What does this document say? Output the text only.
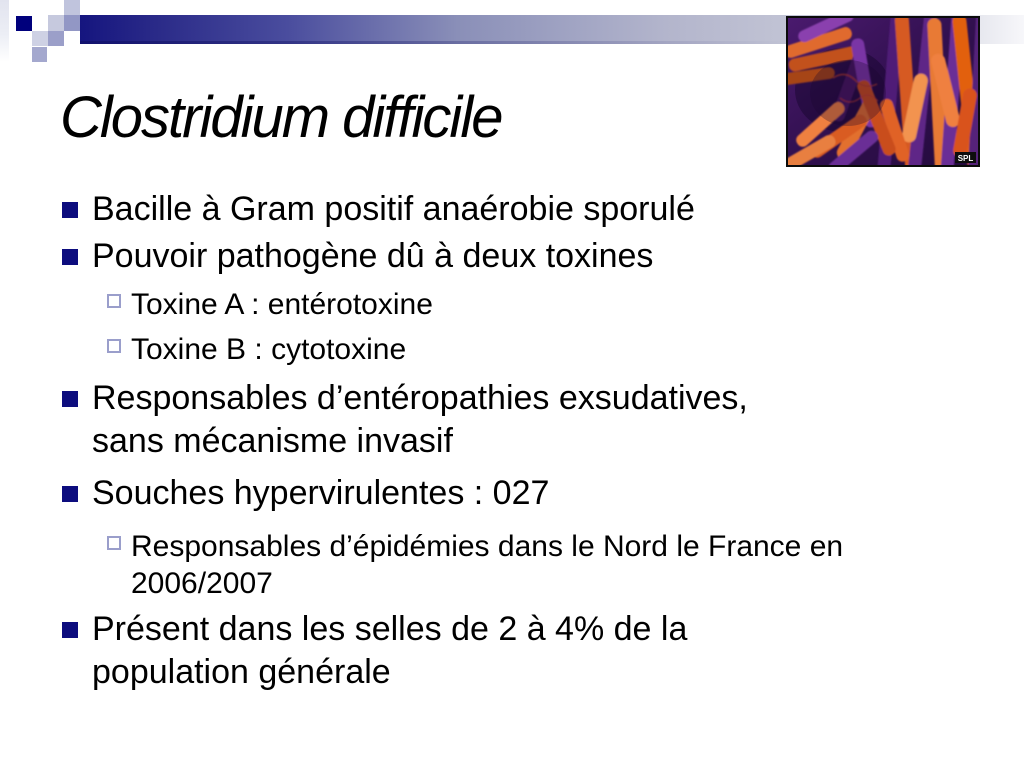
Clostridium difficile
Bacille à Gram positif anaérobie sporulé
Pouvoir pathogène dû à deux toxines
Toxine A : entérotoxine
Toxine B : cytotoxine
Responsables d’entéropathies exsudatives,
sans mécanisme invasif
Souches hypervirulentes : 027
Responsables d’épidémies dans le Nord le France en
2006/2007
Présent dans les selles de 2 à 4% de la
population générale
SPL
